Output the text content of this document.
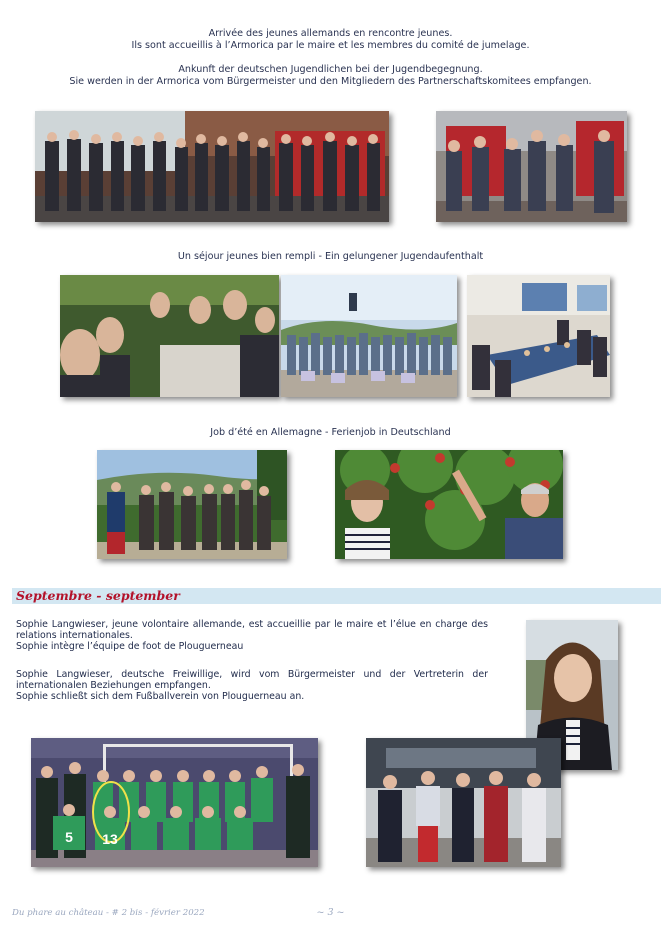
Arrivée des jeunes allemands en rencontre jeunes.
Ils sont accueillis à l’Armorica par le maire et les membres du comité de jumelage.
Ankunft der deutschen Jugendlichen bei der Jugendbegegnung.
Sie werden in der Armorica vom Bürgermeister und den Mitgliedern des Partnerschaftskomitees empfangen.
Un séjour jeunes bien rempli - Ein gelungener Jugendaufenthalt
Job d’été en Allemagne - Ferienjob in Deutschland
Septembre - september

Sophie Langwieser, jeune volontaire allemande, est accueillie par le maire et l’élue en charge des relations internationales.

Sophie intègre l’équipe de foot de Plouguerneau

Sophie Langwieser, deutsche Freiwillige, wird vom Bürgermeister und der Vertreterin der internationalen Beziehungen empfangen.

Sophie schließt sich dem Fußballverein von Plouguerneau an.

5 13
Du phare au château - # 2 bis - février 2022	~ 3 ~
